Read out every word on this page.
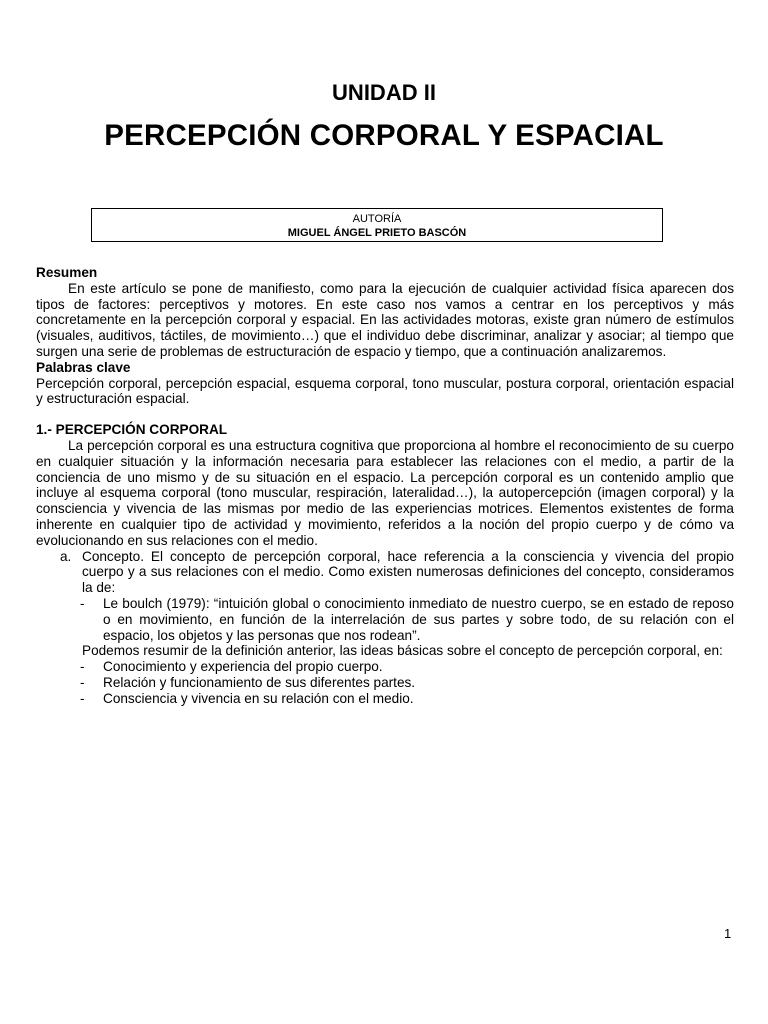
UNIDAD II
PERCEPCIÓN CORPORAL Y ESPACIAL
AUTORÍA
MIGUEL ÁNGEL PRIETO BASCÓN

Resumen

En este artículo se pone de manifiesto, como para la ejecución de cualquier actividad física aparecen dos tipos de factores: perceptivos y motores. En este caso nos vamos a centrar en los perceptivos y más concretamente en la percepción corporal y espacial. En las actividades motoras, existe gran número de estímulos (visuales, auditivos, táctiles, de movimiento…) que el individuo debe discriminar, analizar y asociar; al tiempo que surgen una serie de problemas de estructuración de espacio y tiempo, que a continuación analizaremos.

Palabras clave

Percepción corporal, percepción espacial, esquema corporal, tono muscular, postura corporal, orientación espacial y estructuración espacial.

1.- PERCEPCIÓN CORPORAL

La percepción corporal es una estructura cognitiva que proporciona al hombre el reconocimiento de su cuerpo en cualquier situación y la información necesaria para establecer las relaciones con el medio, a partir de la conciencia de uno mismo y de su situación en el espacio. La percepción corporal es un contenido amplio que incluye al esquema corporal (tono muscular, respiración, lateralidad…), la autopercepción (imagen corporal) y la consciencia y vivencia de las mismas por medio de las experiencias motrices. Elementos existentes de forma inherente en cualquier tipo de actividad y movimiento, referidos a la noción del propio cuerpo y de cómo va evolucionando en sus relaciones con el medio.

a. Concepto. El concepto de percepción corporal, hace referencia a la consciencia y vivencia del propio cuerpo y a sus relaciones con el medio. Como existen numerosas definiciones del concepto, consideramos la de:

- Le boulch (1979): “intuición global o conocimiento inmediato de nuestro cuerpo, se en estado de reposo o en movimiento, en función de la interrelación de sus partes y sobre todo, de su relación con el espacio, los objetos y las personas que nos rodean”.

Podemos resumir de la definición anterior, las ideas básicas sobre el concepto de percepción corporal, en:

- Conocimiento y experiencia del propio cuerpo.

- Relación y funcionamiento de sus diferentes partes.

- Consciencia y vivencia en su relación con el medio.

1
